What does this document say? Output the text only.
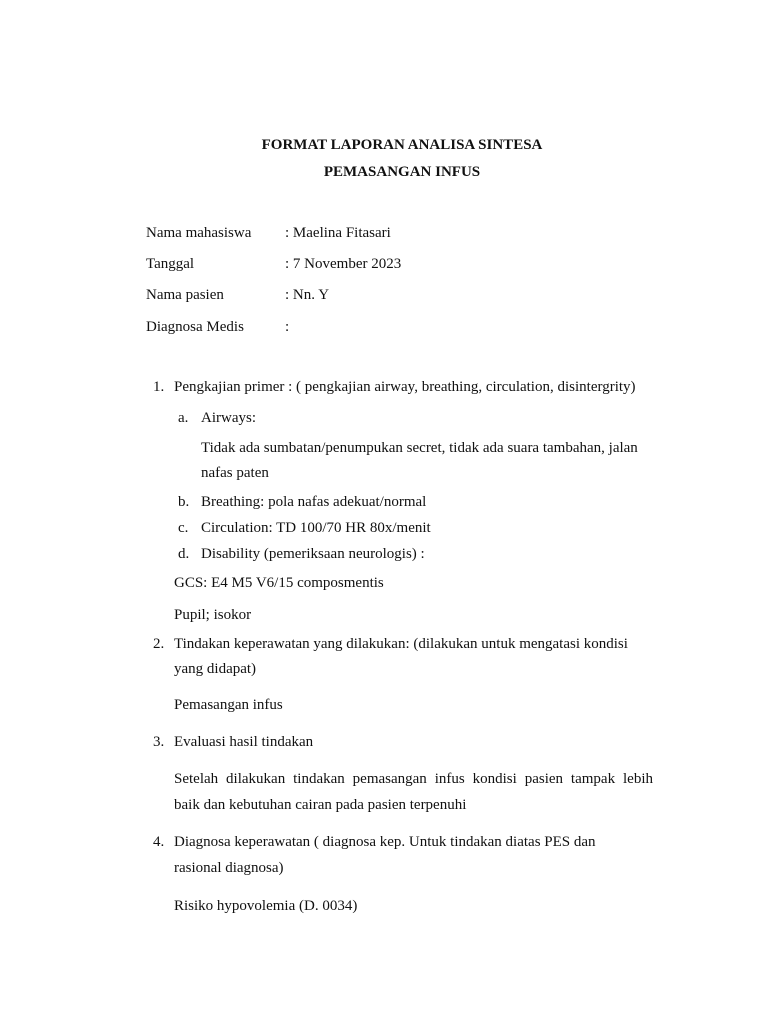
FORMAT LAPORAN ANALISA SINTESA
PEMASANGAN INFUS
Nama mahasiswa : Maelina Fitasari
Tanggal	: 7 November 2023
Nama pasien	: Nn. Y
Diagnosa Medis	:
1. Pengkajian primer : ( pengkajian airway, breathing, circulation, disintergrity)
a. Airways:
Tidak ada sumbatan/penumpukan secret, tidak ada suara tambahan, jalan
nafas paten
b. Breathing: pola nafas adekuat/normal
c. Circulation: TD 100/70 HR 80x/menit
d. Disability (pemeriksaan neurologis) :
GCS: E4 M5 V6/15 composmentis
Pupil; isokor
2. Tindakan keperawatan yang dilakukan: (dilakukan untuk mengatasi kondisi
yang didapat)
Pemasangan infus
3. Evaluasi hasil tindakan
Setelah dilakukan tindakan pemasangan infus kondisi pasien tampak lebih
baik dan kebutuhan cairan pada pasien terpenuhi
4. Diagnosa keperawatan ( diagnosa kep. Untuk tindakan diatas PES dan
rasional diagnosa)
Risiko hypovolemia (D. 0034)
